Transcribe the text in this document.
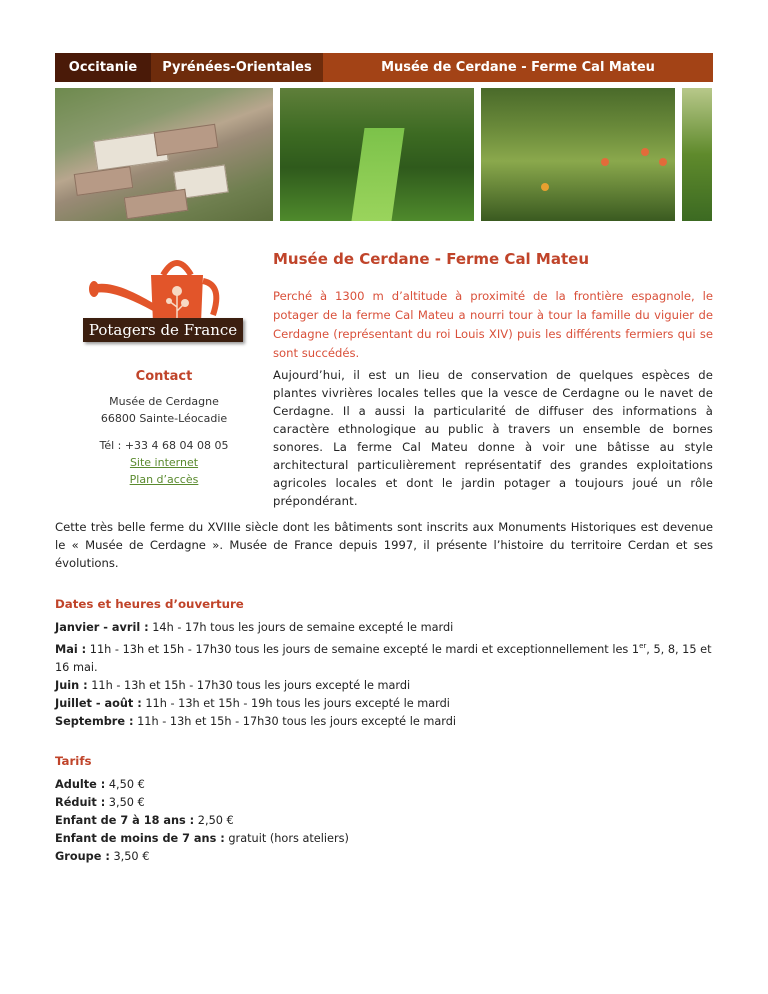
Occitanie	Pyrénées-Orientales	Musée de Cerdane - Ferme Cal Mateu
Potagers de France
Contact
Musée de Cerdagne
66800 Sainte-Léocadie
Tél : +33 4 68 04 08 05
Site internet
Plan d’accès
Musée de Cerdane - Ferme Cal Mateu
Perché à 1300 m d’altitude à proximité de la frontière espagnole, le potager de la ferme Cal Mateu a nourri tour à tour la famille du viguier de Cerdagne (représentant du roi Louis XIV) puis les différents fermiers qui se sont succédés.
Aujourd’hui, il est un lieu de conservation de quelques espèces de plantes vivrières locales telles que la vesce de Cerdagne ou le navet de Cerdagne. Il a aussi la particularité de diffuser des informations à caractère ethnologique au public à travers un ensemble de bornes sonores. La ferme Cal Mateu donne à voir une bâtisse au style architectural particulièrement représentatif des grandes exploitations agricoles locales et dont le jardin potager a toujours joué un rôle prépondérant.
Cette très belle ferme du XVIIIe siècle dont les bâtiments sont inscrits aux Monuments Historiques est devenue le « Musée de Cerdagne ». Musée de France depuis 1997, il présente l’histoire du territoire Cerdan et ses évolutions.
Dates et heures d’ouverture
Janvier - avril : 14h - 17h tous les jours de semaine excepté le mardi
Mai : 11h - 13h et 15h - 17h30 tous les jours de semaine excepté le mardi et exceptionnellement les 1er, 5, 8, 15 et 16 mai.
Juin : 11h - 13h et 15h - 17h30 tous les jours excepté le mardi
Juillet - août : 11h - 13h et 15h - 19h tous les jours excepté le mardi
Septembre : 11h - 13h et 15h - 17h30 tous les jours excepté le mardi
Tarifs
Adulte : 4,50 €
Réduit : 3,50 €
Enfant de 7 à 18 ans : 2,50 €
Enfant de moins de 7 ans : gratuit (hors ateliers)
Groupe : 3,50 €
